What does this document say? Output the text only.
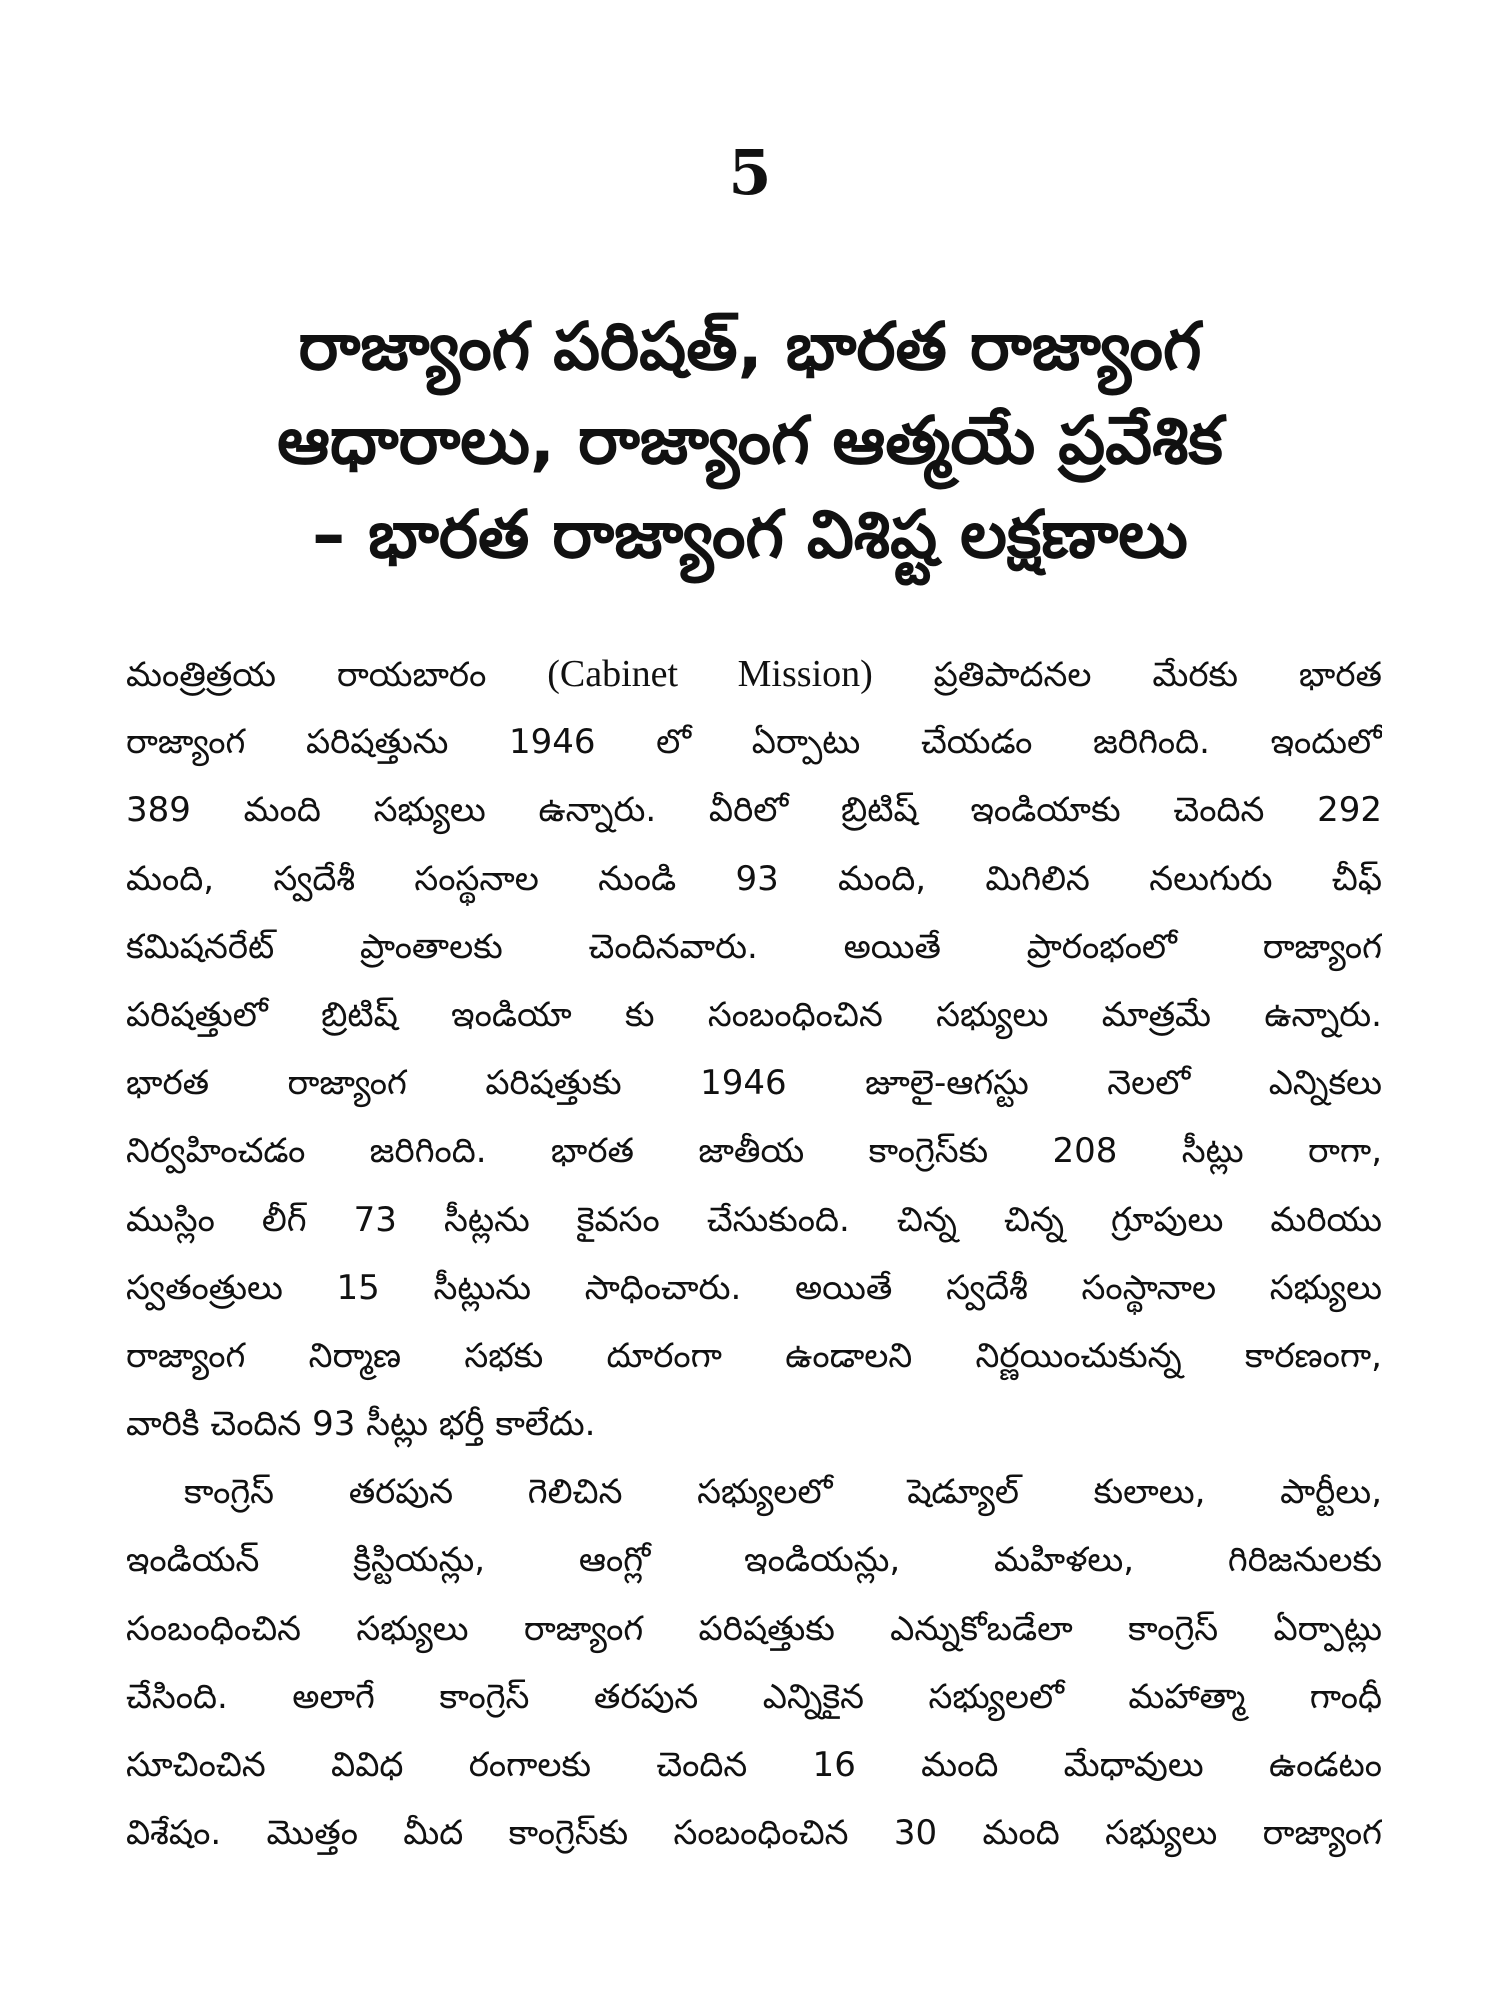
5
రాజ్యాంగ పరిషత్, భారత రాజ్యాంగ
ఆధారాలు, రాజ్యాంగ ఆత్మయే ప్రవేశిక
– భారత రాజ్యాంగ విశిష్ట లక్షణాలు
మంత్రిత్రయ రాయబారం (Cabinet Mission) ప్రతిపాదనల మేరకు భారత
రాజ్యాంగ పరిషత్తును 1946 లో ఏర్పాటు చేయడం జరిగింది. ఇందులో
389 మంది సభ్యులు ఉన్నారు. వీరిలో బ్రిటిష్ ఇండియాకు చెందిన 292
మంది, స్వదేశీ సంస్థనాల నుండి 93 మంది, మిగిలిన నలుగురు చీఫ్
కమిషనరేట్ ప్రాంతాలకు చెందినవారు. అయితే ప్రారంభంలో రాజ్యాంగ
పరిషత్తులో బ్రిటిష్ ఇండియా కు సంబంధించిన సభ్యులు మాత్రమే ఉన్నారు.
భారత రాజ్యాంగ పరిషత్తుకు 1946 జూలై-ఆగస్టు నెలలో ఎన్నికలు
నిర్వహించడం జరిగింది. భారత జాతీయ కాంగ్రెస్‌కు 208 సీట్లు రాగా,
ముస్లిం లీగ్ 73 సీట్లను కైవసం చేసుకుంది. చిన్న చిన్న గ్రూపులు మరియు
స్వతంత్రులు 15 సీట్లును సాధించారు. అయితే స్వదేశీ సంస్థానాల సభ్యులు
రాజ్యాంగ నిర్మాణ సభకు దూరంగా ఉండాలని నిర్ణయించుకున్న కారణంగా,
వారికి చెందిన 93 సీట్లు భర్తీ కాలేదు.
కాంగ్రెస్ తరపున గెలిచిన సభ్యులలో షెడ్యూల్ కులాలు, పార్టీలు,
ఇండియన్ క్రిస్టియన్లు, ఆంగ్లో ఇండియన్లు, మహిళలు, గిరిజనులకు
సంబంధించిన సభ్యులు రాజ్యాంగ పరిషత్తుకు ఎన్నుకోబడేలా కాంగ్రెస్ ఏర్పాట్లు
చేసింది. అలాగే కాంగ్రెస్ తరపున ఎన్నికైన సభ్యులలో మహాత్మా గాంధీ
సూచించిన వివిధ రంగాలకు చెందిన 16 మంది మేధావులు ఉండటం
విశేషం. మొత్తం మీద కాంగ్రెస్‌కు సంబంధించిన 30 మంది సభ్యులు రాజ్యాంగ
